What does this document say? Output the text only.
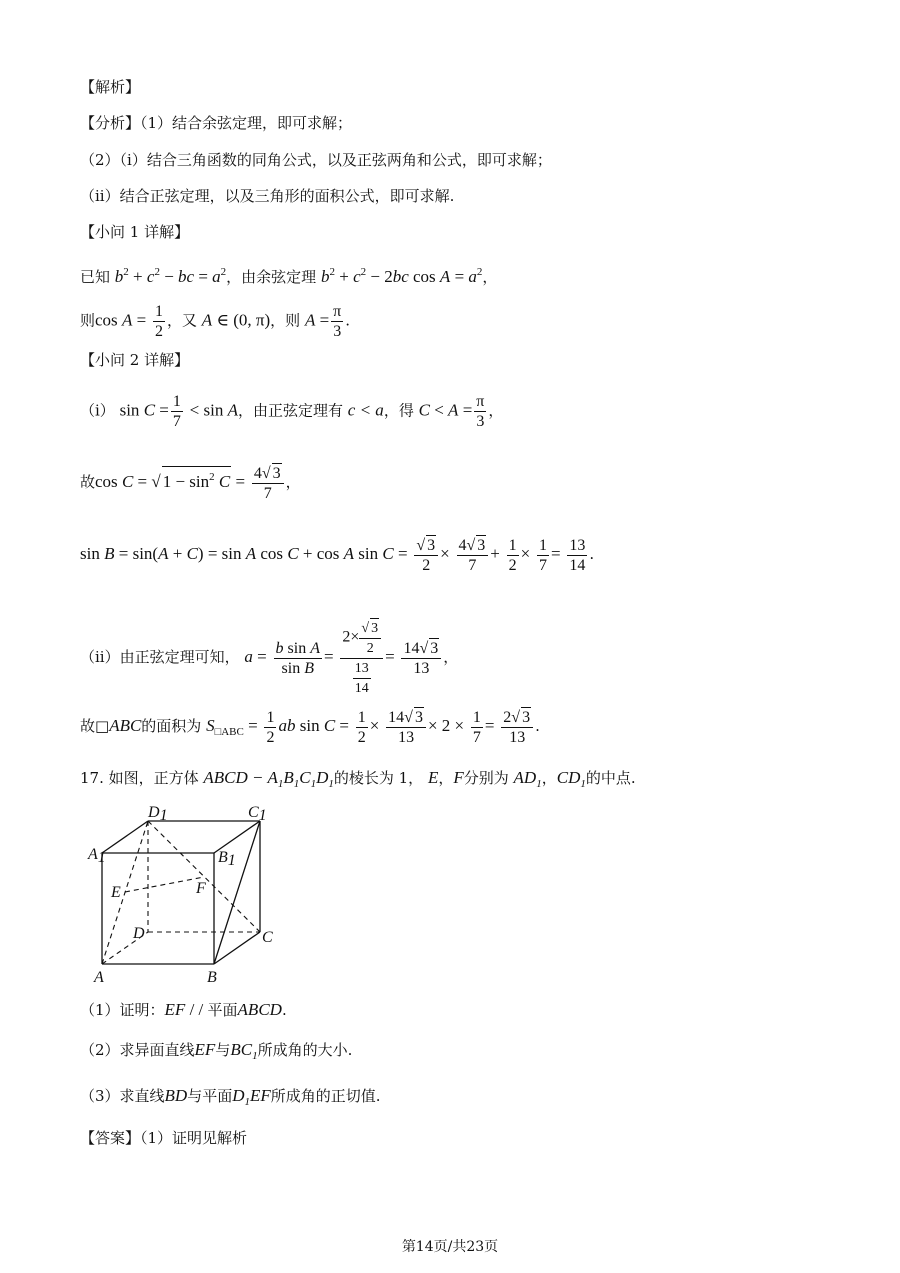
【解析】
【分析】（1）结合余弦定理，即可求解；
（2）（i）结合三角函数的同角公式，以及正弦两角和公式，即可求解；
（ii）结合正弦定理，以及三角形的面积公式，即可求解.
【小问 1 详解】
已知 $b^2 + c^2$ − bc = $a^2$，由余弦定理 $b^2 + c^2 - 2bc$ $\cos A = a^2$，
则$\cos A = \frac{1}{2}$ ，又 A ∈ (0, π)，则 $A = \frac{\pi}{3}$ .
【小问 2 详解】
（i） $\sin C = \frac{1}{7} < \sin A$，由正弦定理有 c < a，得 $C < A = \frac{\pi}{3}$ ，
故cos C = √ $1 - \sin^2 C = \frac{4√ 3}{7}$ ，
sin B = sin(A + C) = sin A cos C + cos A $\sin C = \frac{√ 3}{2} \times \frac{4√ 3}{7} + \frac{1}{2} \times \frac{1}{7} = \frac{13}{14}$ .
（ii）由正弦定理可知， $a = \frac{\text{b sin A}}{\text{sin B}} = \frac{2\times \frac{√ 3}{2}}{\frac{13}{14}} = \frac{14√ 3}{13}$ ，
故□ABC的面积为 $S_{□ABC} = \frac{1}{2}$ ab $\sin C = \frac{1}{2} \times \frac{14√ 3}{13} \times 2 \times \frac{1}{7} = \frac{2√ 3}{13}$ .
17. 如图，正方体 ABCD − $A_1B_1C_1D_1$的棱长为 1， E，F分别为 $AD_1$，$CD_1$的中点.
A1	B1
C1
D1
A	B
C
D
E	F
（1）证明：EF / / 平面ABCD.
（2）求异面直线EF与$BC_1$所成角的大小.
（3）求直线BD与平面$D_1EF$所成角的正切值.
【答案】（1）证明见解析
第14页/共23页
